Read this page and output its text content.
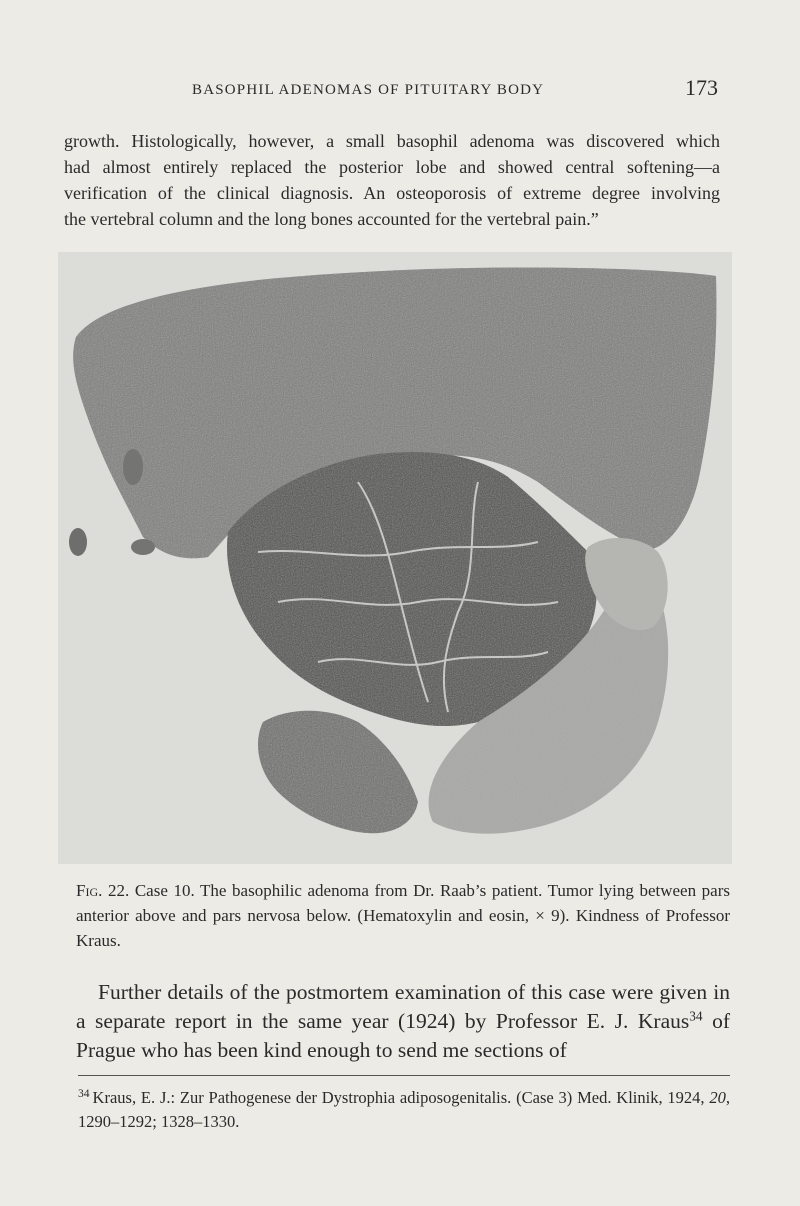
BASOPHIL ADENOMAS OF PITUITARY BODY	173

growth. Histologically, however, a small basophil adenoma was discovered which

had almost entirely replaced the posterior lobe and showed central softening—a

verification of the clinical diagnosis. An osteoporosis of extreme degree involving

the vertebral column and the long bones accounted for the vertebral pain.”

Fig. 22. Case 10. The basophilic adenoma from Dr. Raab’s patient. Tumor lying between pars anterior above and pars nervosa below. (Hematoxylin and eosin, × 9). Kindness of Professor Kraus.
Further details of the postmortem examination of this case were given in a separate report in the same year (1924) by Professor E. J. Kraus$^{34}$ of Prague who has been kind enough to send me sections of
$^{34}$ Kraus, E. J.: Zur Pathogenese der Dystrophia adiposogenitalis. (Case 3) Med. Klinik, 1924, 20, 1290–1292; 1328–1330.
